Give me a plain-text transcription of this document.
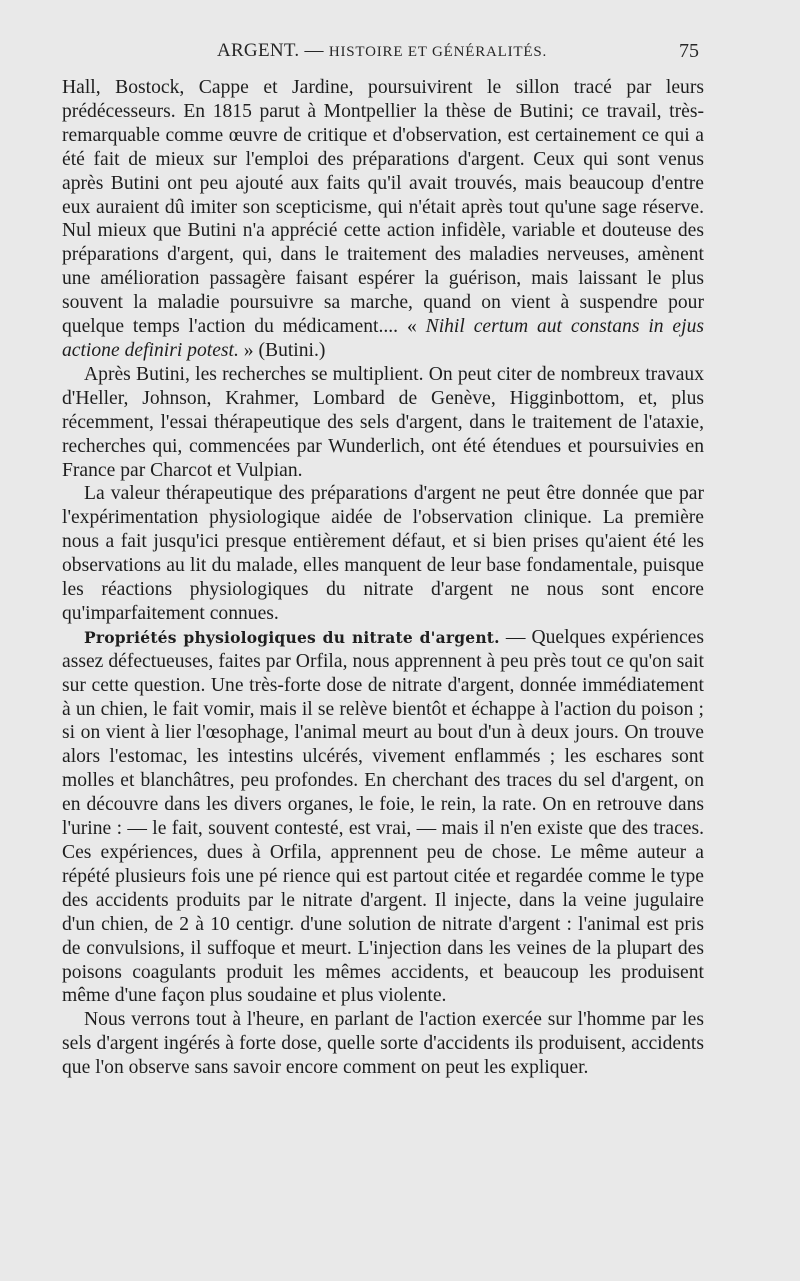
ARGENT. — HISTOIRE ET GÉNÉRALITÉS.	75

Hall, Bostock, Cappe et Jardine, poursuivirent le sillon tracé par leurs prédécesseurs. En 1815 parut à Montpellier la thèse de Butini; ce travail, très-remarquable comme œuvre de critique et d'observation, est certainement ce qui a été fait de mieux sur l'emploi des préparations d'argent. Ceux qui sont venus après Butini ont peu ajouté aux faits qu'il avait trouvés, mais beaucoup d'entre eux auraient dû imiter son scepticisme, qui n'était après tout qu'une sage réserve. Nul mieux que Butini n'a apprécié cette action infidèle, variable et douteuse des préparations d'argent, qui, dans le traitement des maladies nerveuses, amènent une amélioration passagère faisant espérer la guérison, mais laissant le plus souvent la maladie poursuivre sa marche, quand on vient à suspendre pour quelque temps l'action du médicament.... « Nihil certum aut constans in ejus actione definiri potest. » (Butini.)

Après Butini, les recherches se multiplient. On peut citer de nombreux travaux d'Heller, Johnson, Krahmer, Lombard de Genève, Higginbottom, et, plus récemment, l'essai thérapeutique des sels d'argent, dans le traitement de l'ataxie, recherches qui, commencées par Wunderlich, ont été étendues et poursuivies en France par Charcot et Vulpian.

La valeur thérapeutique des préparations d'argent ne peut être donnée que par l'expérimentation physiologique aidée de l'observation clinique. La première nous a fait jusqu'ici presque entièrement défaut, et si bien prises qu'aient été les observations au lit du malade, elles manquent de leur base fondamentale, puisque les réactions physiologiques du nitrate d'argent ne nous sont encore qu'imparfaitement connues.

Propriétés physiologiques du nitrate d'argent. — Quelques expériences assez défectueuses, faites par Orfila, nous apprennent à peu près tout ce qu'on sait sur cette question. Une très-forte dose de nitrate d'argent, donnée immédiatement à un chien, le fait vomir, mais il se relève bientôt et échappe à l'action du poison ; si on vient à lier l'œsophage, l'animal meurt au bout d'un à deux jours. On trouve alors l'estomac, les intestins ulcérés, vivement enflammés ; les eschares sont molles et blanchâtres, peu profondes. En cherchant des traces du sel d'argent, on en découvre dans les divers organes, le foie, le rein, la rate. On en retrouve dans l'urine : — le fait, souvent contesté, est vrai, — mais il n'en existe que des traces. Ces expériences, dues à Orfila, apprennent peu de chose. Le même auteur a répété plusieurs fois une pé rience qui est partout citée et regardée comme le type des accidents produits par le nitrate d'argent. Il injecte, dans la veine jugulaire d'un chien, de 2 à 10 centigr. d'une solution de nitrate d'argent : l'animal est pris de convulsions, il suffoque et meurt. L'injection dans les veines de la plupart des poisons coagulants produit les mêmes accidents, et beaucoup les produisent même d'une façon plus soudaine et plus violente.

Nous verrons tout à l'heure, en parlant de l'action exercée sur l'homme par les sels d'argent ingérés à forte dose, quelle sorte d'accidents ils produisent, accidents que l'on observe sans savoir encore comment on peut les expliquer.
